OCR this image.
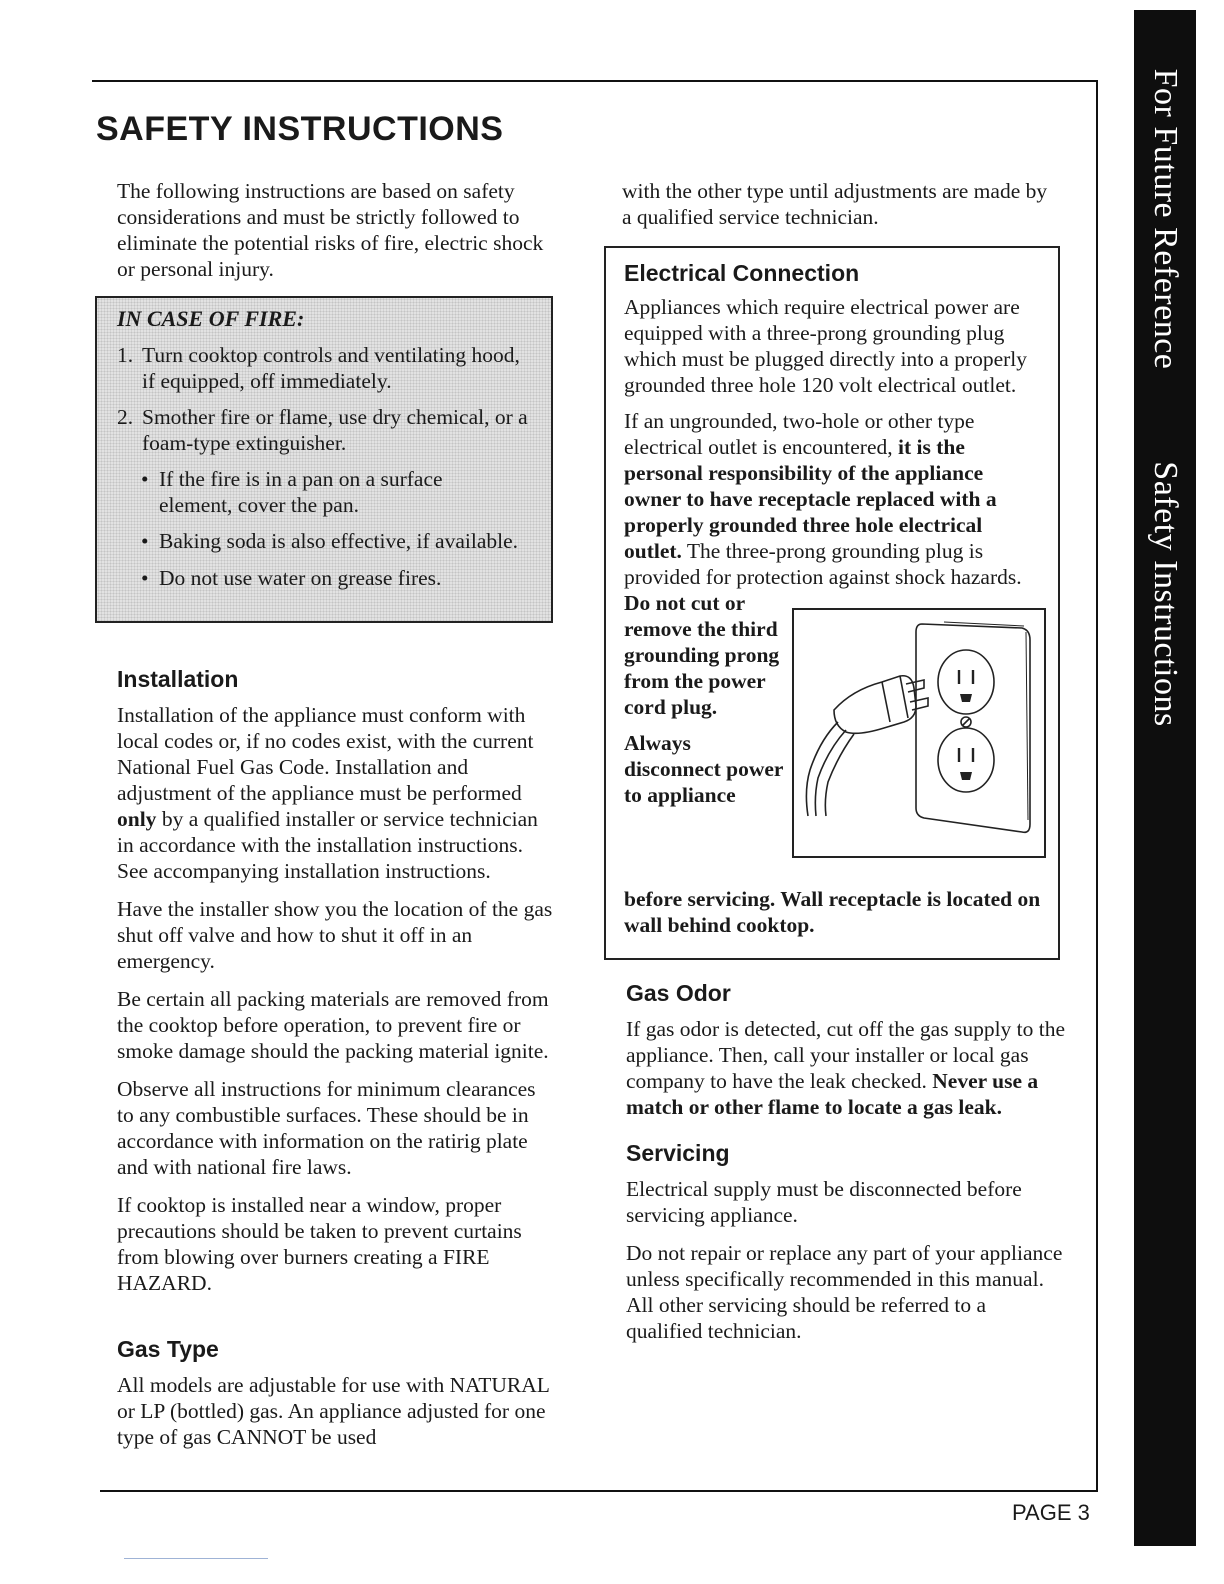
For Future Reference
Safety Instructions
SAFETY INSTRUCTIONS

The following instructions are based on safety considerations and must be strictly followed to eliminate the potential risks of fire, electric shock or personal injury.

IN CASE OF FIRE:
1. Turn cooktop controls and ventilating hood, if equipped, off immediately.
2. Smother fire or flame, use dry chemical, or a foam-type extinguisher.
• If the fire is in a pan on a surface element, cover the pan.
• Baking soda is also effective, if available.
• Do not use water on grease fires.
Installation

Installation of the appliance must conform with local codes or, if no codes exist, with the current National Fuel Gas Code. Installation and adjustment of the appliance must be performed only by a qualified installer or service technician in accordance with the installation instructions. See accompanying installation instructions.

Have the installer show you the location of the gas shut off valve and how to shut it off in an emergency.

Be certain all packing materials are removed from the cooktop before operation, to prevent fire or smoke damage should the packing material ignite.

Observe all instructions for minimum clearances to any combustible surfaces. These should be in accordance with information on the ratirig plate and with national fire laws.

If cooktop is installed near a window, proper precautions should be taken to prevent curtains from blowing over burners creating a FIRE HAZARD.

Gas Type

All models are adjustable for use with NATURAL or LP (bottled) gas. An appliance adjusted for one type of gas CANNOT be used

with the other type until adjustments are made by a qualified service technician.

Electrical Connection

Appliances which require electrical power are equipped with a three-prong grounding plug which must be plugged directly into a properly grounded three hole 120 volt electrical outlet.

If an ungrounded, two-hole or other type electrical outlet is encountered, it is the personal responsibility of the appliance owner to have receptacle replaced with a properly grounded three hole electrical outlet. The three-prong grounding plug is provided for protection against shock hazards.

Do not cut or remove the third grounding prong from the power cord plug.

Always disconnect power to appliance

before servicing. Wall receptacle is located on wall behind cooktop.
Gas Odor

If gas odor is detected, cut off the gas supply to the appliance. Then, call your installer or local gas company to have the leak checked. Never use a match or other flame to locate a gas leak.

Servicing

Electrical supply must be disconnected before servicing appliance.

Do not repair or replace any part of your appliance unless specifically recommended in this manual. All other servicing should be referred to a qualified technician.

PAGE 3
